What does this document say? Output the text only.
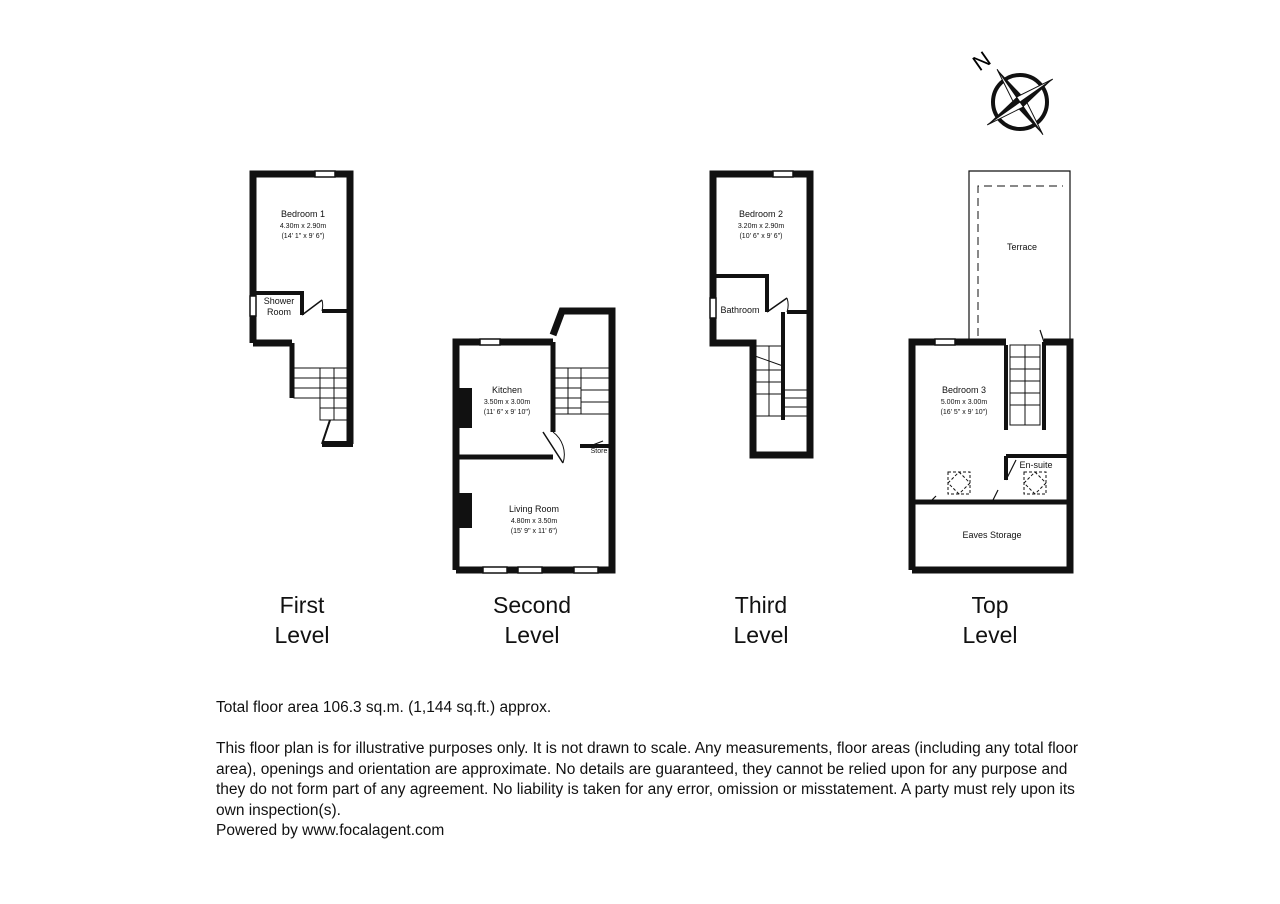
N
Bedroom 1
4.30m x 2.90m
(14' 1" x 9' 6")
Shower
Room
Kitchen
3.50m x 3.00m
(11' 6" x 9' 10")
Living Room
4.80m x 3.50m
(15' 9" x 11' 6")
Store
Bedroom 2
3.20m x 2.90m
(10' 6" x 9' 6")
Bathroom
Terrace
Bedroom 3
5.00m x 3.00m
(16' 5" x 9' 10")
En-suite
Eaves Storage
First
Level
Second
Level
Third
Level
Top
Level
Total floor area 106.3 sq.m. (1,144 sq.ft.) approx.
This floor plan is for illustrative purposes only. It is not drawn to scale. Any measurements, floor areas (including any total floor area), openings and orientation are approximate. No details are guaranteed, they cannot be relied upon for any purpose and they do not form part of any agreement. No liability is taken for any error, omission or misstatement. A party must rely upon its own inspection(s).
Powered by www.focalagent.com
